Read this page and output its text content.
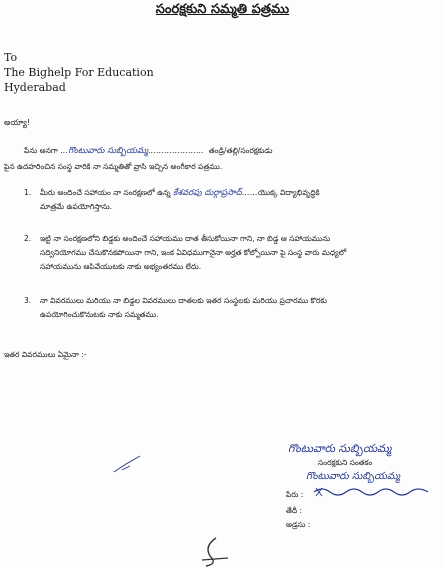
సంరక్షకుని సమ్మతి పత్రము
To
The Bighelp For Education
Hyderabad
అయ్యా!
పేను అనగా …గొంటువారు సుబ్బియమ్మ………………… తండ్రి/తల్లి/సంరక్షకుడు
పైన ఉదహరించిన సంస్థ వారికి నా సమ్మతితో వ్రాసి ఇచ్చిన అంగీకార పత్రము.
1. మీరు అందించే సహాయం నా సంరక్షణలో ఉన్న కేశవరపు దుర్గాప్రసాద్……యొక్క విద్యాభివృద్ధికి
మాత్రమే ఉపయోగిస్తాను.
2. ఇట్టి నా సంరక్షణలోని బిడ్డకు అందించే సహాయము దాత తీసుకోయినా గాని, నా బిడ్డ ఆ సహాయమును
సద్వినియోగము చేసుకొనకపోయినా గాని, ఇంక ఏవిధముగానైనా అర్హత కోల్పోయినా పై సంస్థ వారు మధ్యలో
సహాయమును ఆపివేయుటకు నాకు అభ్యంతరము లేదు.
3. నా వివరములు మరియు నా బిడ్డల వివరములు దాతలకు ఇతర సంస్థలకు మరియు ప్రచారము కొరకు
ఉపయోగించుకొనుటకు నాకు సమ్మతము.
ఇతర వివరములు ఏమైనా :-
గొంటువారు సుబ్బియమ్మ
సంరక్షకుని సంతకం
గొంటువారు సుబ్బియమ్మ
పేరు :
తేదీ :
అడ్రసు :
